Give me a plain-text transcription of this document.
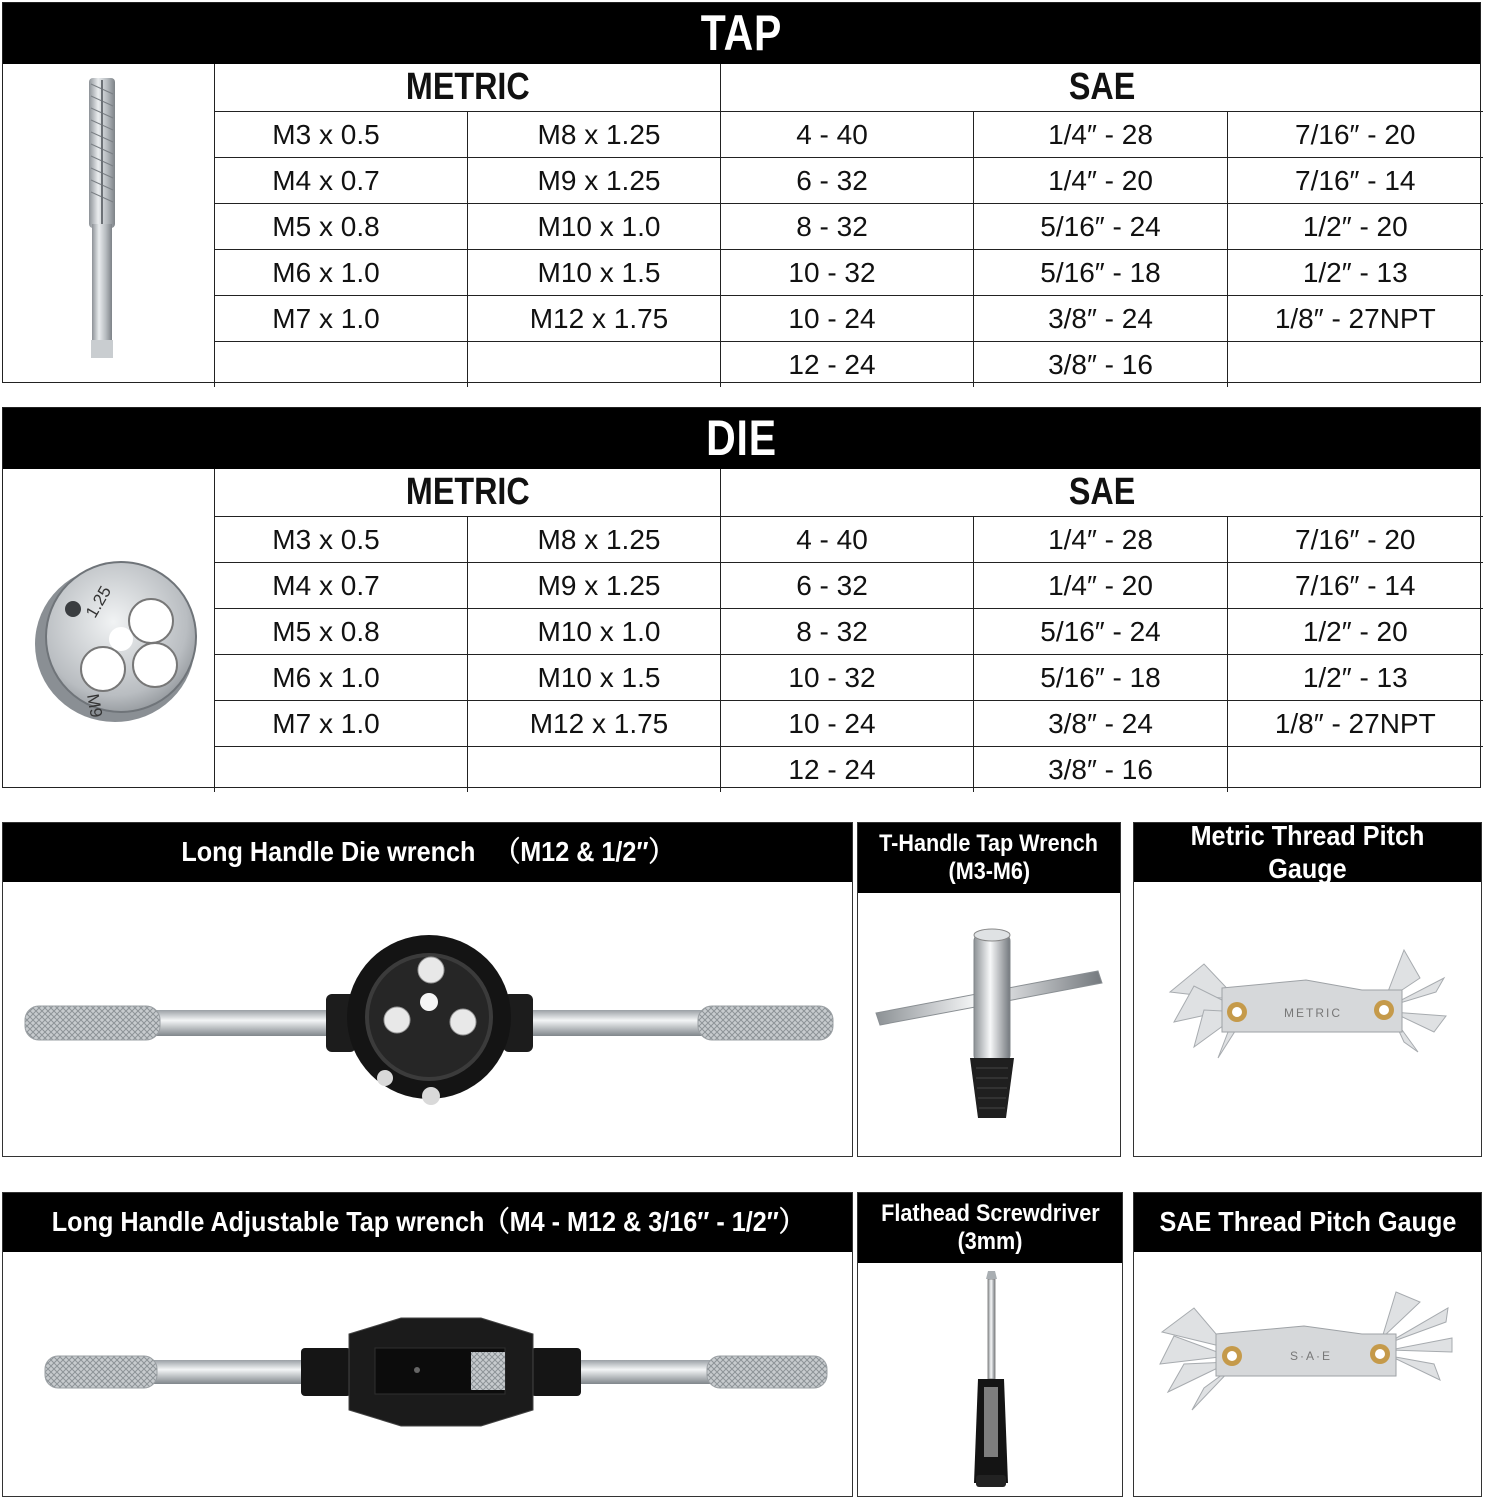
TAP
METRIC		SAE		
M3 x 0.5	M8 x 1.25	4 - 40	1/4″ - 28	7/16″ - 20
M4 x 0.7	M9 x 1.25	6 - 32	1/4″ - 20	7/16″ - 14
M5 x 0.8	M10 x 1.0	8 - 32	5/16″ - 24	1/2″ - 20
M6 x 1.0	M10 x 1.5	10 - 32	5/16″ - 18	1/2″ - 13
M7 x 1.0	M12 x 1.75	10 - 24	3/8″ - 24	1/8″ - 27NPT
		12 - 24	3/8″ - 16	
DIE
1.25
M9
METRIC		SAE		
M3 x 0.5	M8 x 1.25	4 - 40	1/4″ - 28	7/16″ - 20
M4 x 0.7	M9 x 1.25	6 - 32	1/4″ - 20	7/16″ - 14
M5 x 0.8	M10 x 1.0	8 - 32	5/16″ - 24	1/2″ - 20
M6 x 1.0	M10 x 1.5	10 - 32	5/16″ - 18	1/2″ - 13
M7 x 1.0	M12 x 1.75	10 - 24	3/8″ - 24	1/8″ - 27NPT
		12 - 24	3/8″ - 16	
Long Handle Die wrench 　（M12 & 1/2″）	T-Handle Tap Wrench
(M3-M6)
Metric Thread Pitch Gauge
METRIC
Long Handle Adjustable Tap wrench（M4 - M12 & 3/16″ - 1/2″）	Flathead Screwdriver
(3mm)
SAE Thread Pitch Gauge
S·A·E
